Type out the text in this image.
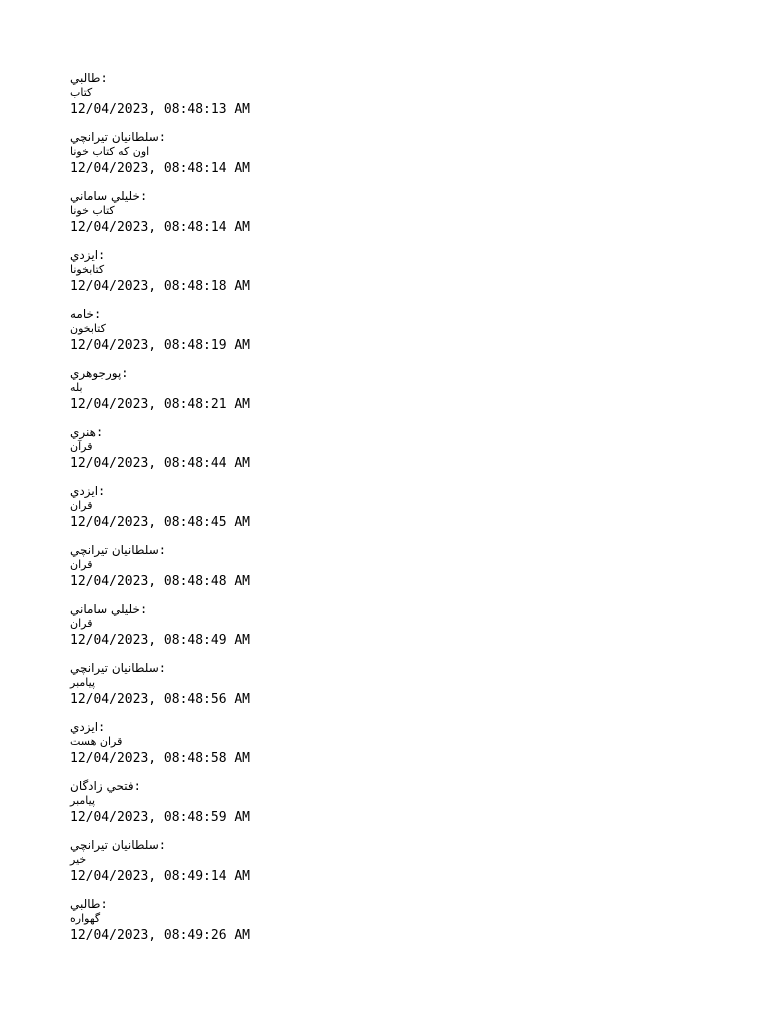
طالبي:
کتاب
12/04/2023, 08:48:13 AM
سلطانيان تيرانچي:
اون که کتاب خونا
12/04/2023, 08:48:14 AM
خليلي ساماني:
کتاب خونا
12/04/2023, 08:48:14 AM
ايزدي:
کتابخونا
12/04/2023, 08:48:18 AM
خامه:
کتابخون
12/04/2023, 08:48:19 AM
پورجوهري:
بله
12/04/2023, 08:48:21 AM
هنري:
قرآن
12/04/2023, 08:48:44 AM
ايزدي:
قران
12/04/2023, 08:48:45 AM
سلطانيان تيرانچي:
قران
12/04/2023, 08:48:48 AM
خليلي ساماني:
قران
12/04/2023, 08:48:49 AM
سلطانيان تيرانچي:
پيامبر
12/04/2023, 08:48:56 AM
ايزدي:
قران هست
12/04/2023, 08:48:58 AM
فتحي زادگان:
پيامبر
12/04/2023, 08:48:59 AM
سلطانيان تيرانچي:
خير
12/04/2023, 08:49:14 AM
طالبي:
گهواره
12/04/2023, 08:49:26 AM
